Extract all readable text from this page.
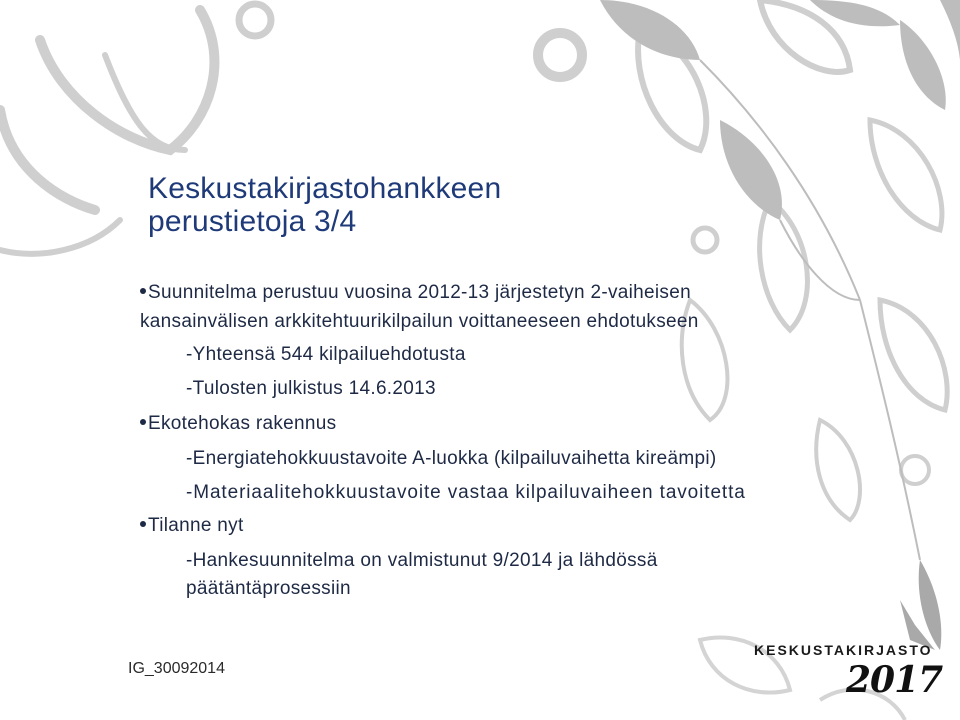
Keskustakirjastohankkeen
perustietoja 3/4
Suunnitelma perustuu vuosina 2012-13 järjestetyn 2-vaiheisen
kansainvälisen arkkitehtuurikilpailun voittaneeseen ehdotukseen
-Yhteensä 544 kilpailuehdotusta
-Tulosten julkistus 14.6.2013
Ekotehokas rakennus
-Energiatehokkuustavoite A-luokka (kilpailuvaihetta kireämpi)
-Materiaalitehokkuustavoite vastaa kilpailuvaiheen tavoitetta
Tilanne nyt
-Hankesuunnitelma on valmistunut 9/2014 ja lähdössä
päätäntäprosessiin
IG_30092014
KESKUSTAKIRJASTO
2017
